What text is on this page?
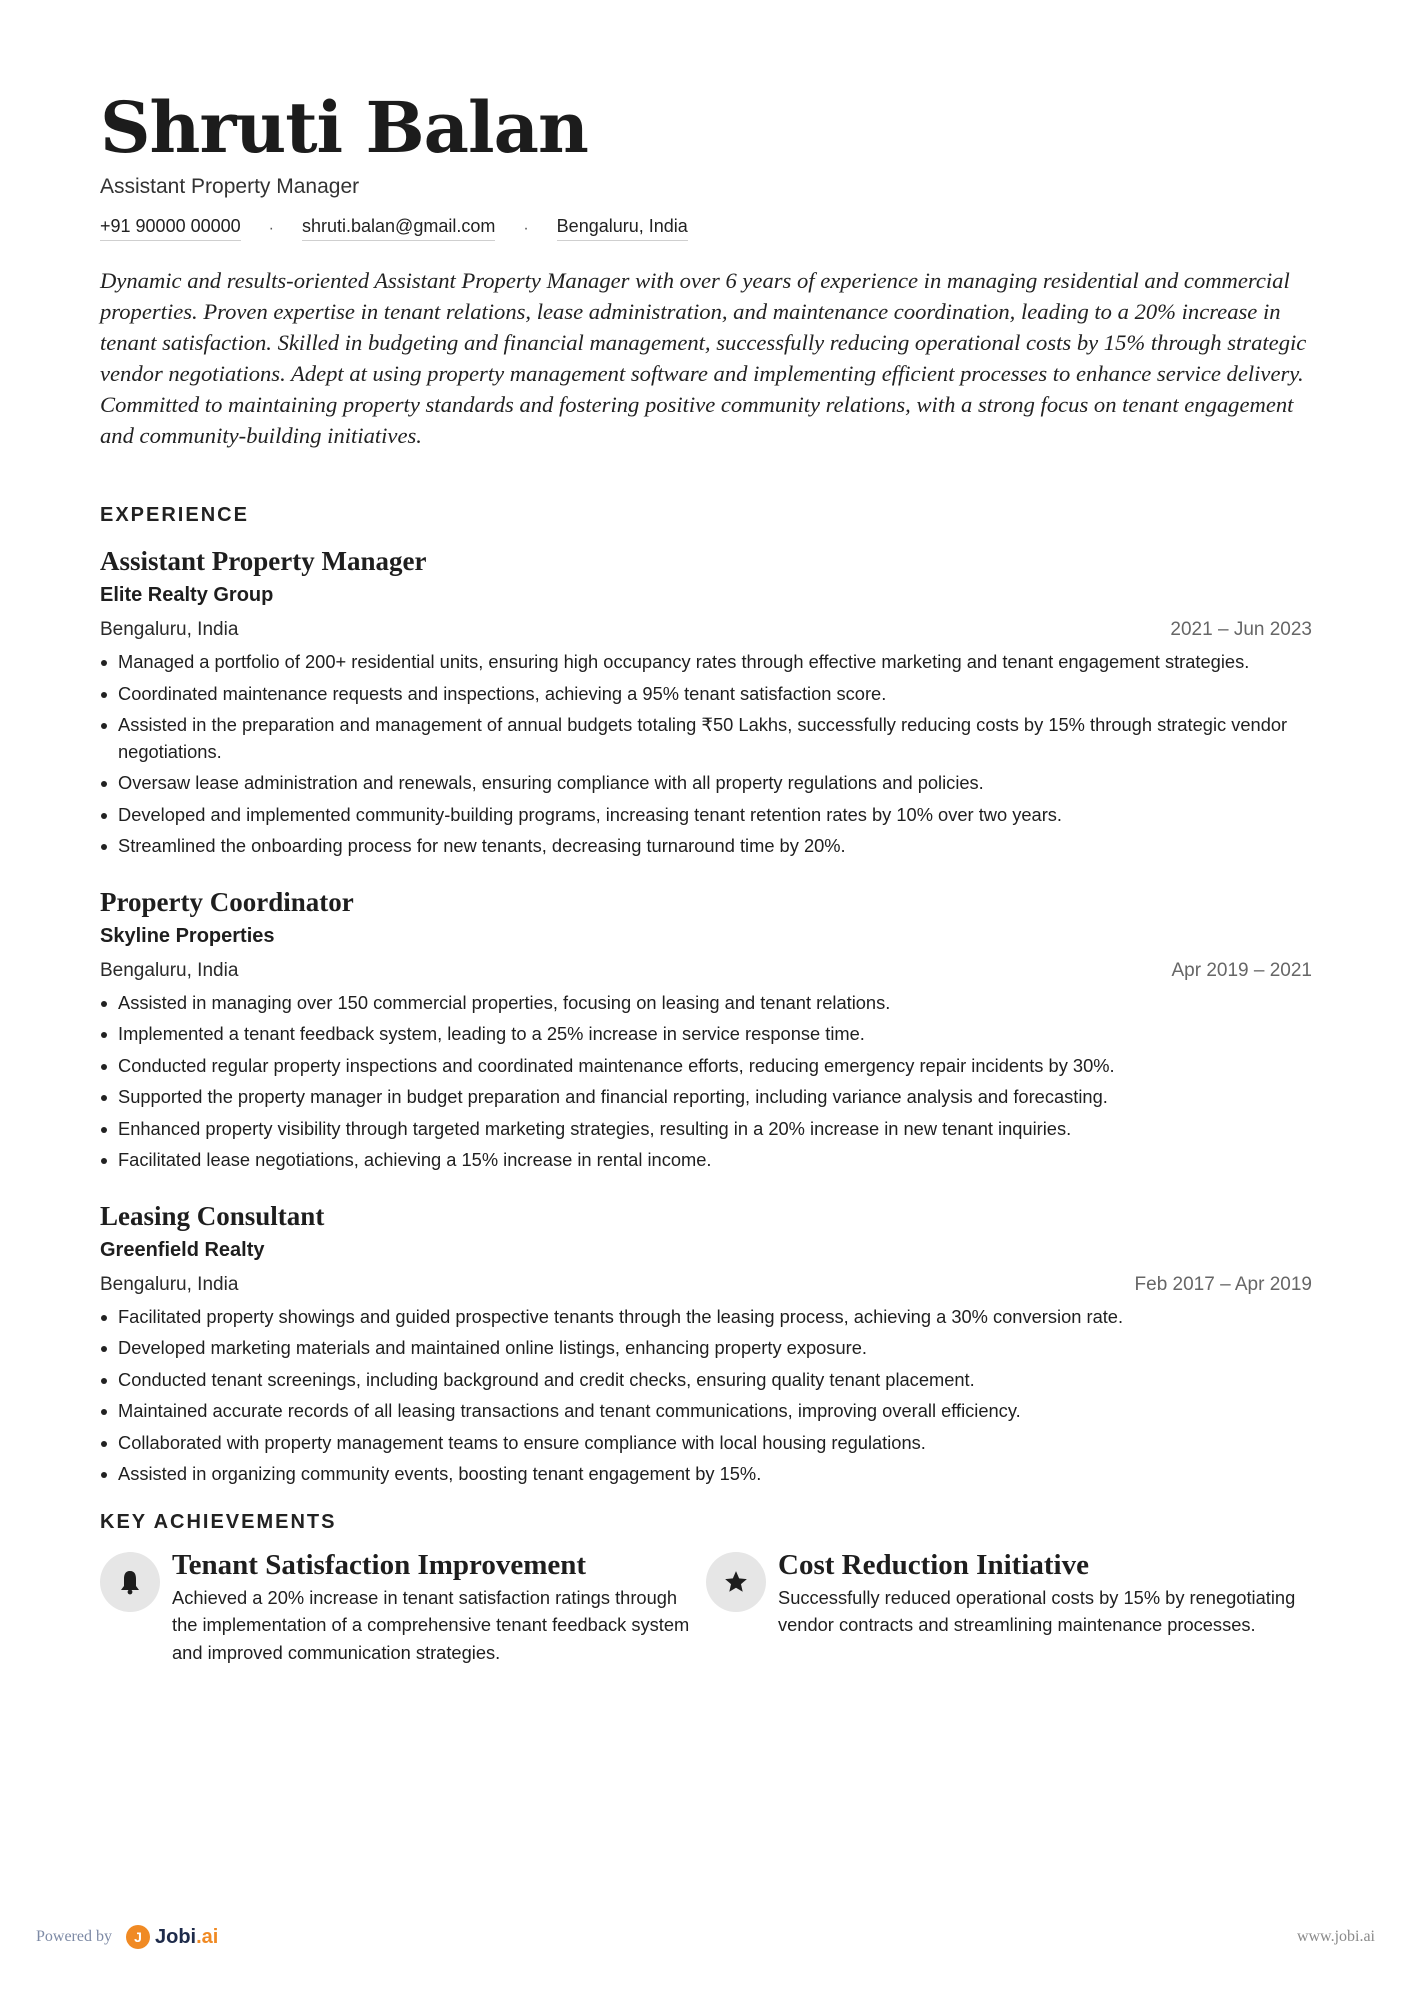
Shruti Balan
Assistant Property Manager
+91 90000 00000 · shruti.balan@gmail.com · Bengaluru, India
Dynamic and results-oriented Assistant Property Manager with over 6 years of experience in managing residential and commercial properties. Proven expertise in tenant relations, lease administration, and maintenance coordination, leading to a 20% increase in tenant satisfaction. Skilled in budgeting and financial management, successfully reducing operational costs by 15% through strategic vendor negotiations. Adept at using property management software and implementing efficient processes to enhance service delivery. Committed to maintaining property standards and fostering positive community relations, with a strong focus on tenant engagement and community-building initiatives.
EXPERIENCE
Assistant Property Manager
Elite Realty Group
Bengaluru, India	2021 – Jun 2023
Managed a portfolio of 200+ residential units, ensuring high occupancy rates through effective marketing and tenant engagement strategies.
Coordinated maintenance requests and inspections, achieving a 95% tenant satisfaction score.
Assisted in the preparation and management of annual budgets totaling ₹50 Lakhs, successfully reducing costs by 15% through strategic vendor negotiations.
Oversaw lease administration and renewals, ensuring compliance with all property regulations and policies.
Developed and implemented community-building programs, increasing tenant retention rates by 10% over two years.
Streamlined the onboarding process for new tenants, decreasing turnaround time by 20%.
Property Coordinator
Skyline Properties
Bengaluru, India	Apr 2019 – 2021
Assisted in managing over 150 commercial properties, focusing on leasing and tenant relations.
Implemented a tenant feedback system, leading to a 25% increase in service response time.
Conducted regular property inspections and coordinated maintenance efforts, reducing emergency repair incidents by 30%.
Supported the property manager in budget preparation and financial reporting, including variance analysis and forecasting.
Enhanced property visibility through targeted marketing strategies, resulting in a 20% increase in new tenant inquiries.
Facilitated lease negotiations, achieving a 15% increase in rental income.
Leasing Consultant
Greenfield Realty
Bengaluru, India	Feb 2017 – Apr 2019
Facilitated property showings and guided prospective tenants through the leasing process, achieving a 30% conversion rate.
Developed marketing materials and maintained online listings, enhancing property exposure.
Conducted tenant screenings, including background and credit checks, ensuring quality tenant placement.
Maintained accurate records of all leasing transactions and tenant communications, improving overall efficiency.
Collaborated with property management teams to ensure compliance with local housing regulations.
Assisted in organizing community events, boosting tenant engagement by 15%.
KEY ACHIEVEMENTS
Tenant Satisfaction Improvement
Achieved a 20% increase in tenant satisfaction ratings through the implementation of a comprehensive tenant feedback system and improved communication strategies.
Cost Reduction Initiative
Successfully reduced operational costs by 15% by renegotiating vendor contracts and streamlining maintenance processes.
Powered by	J Jobi.ai	www.jobi.ai
